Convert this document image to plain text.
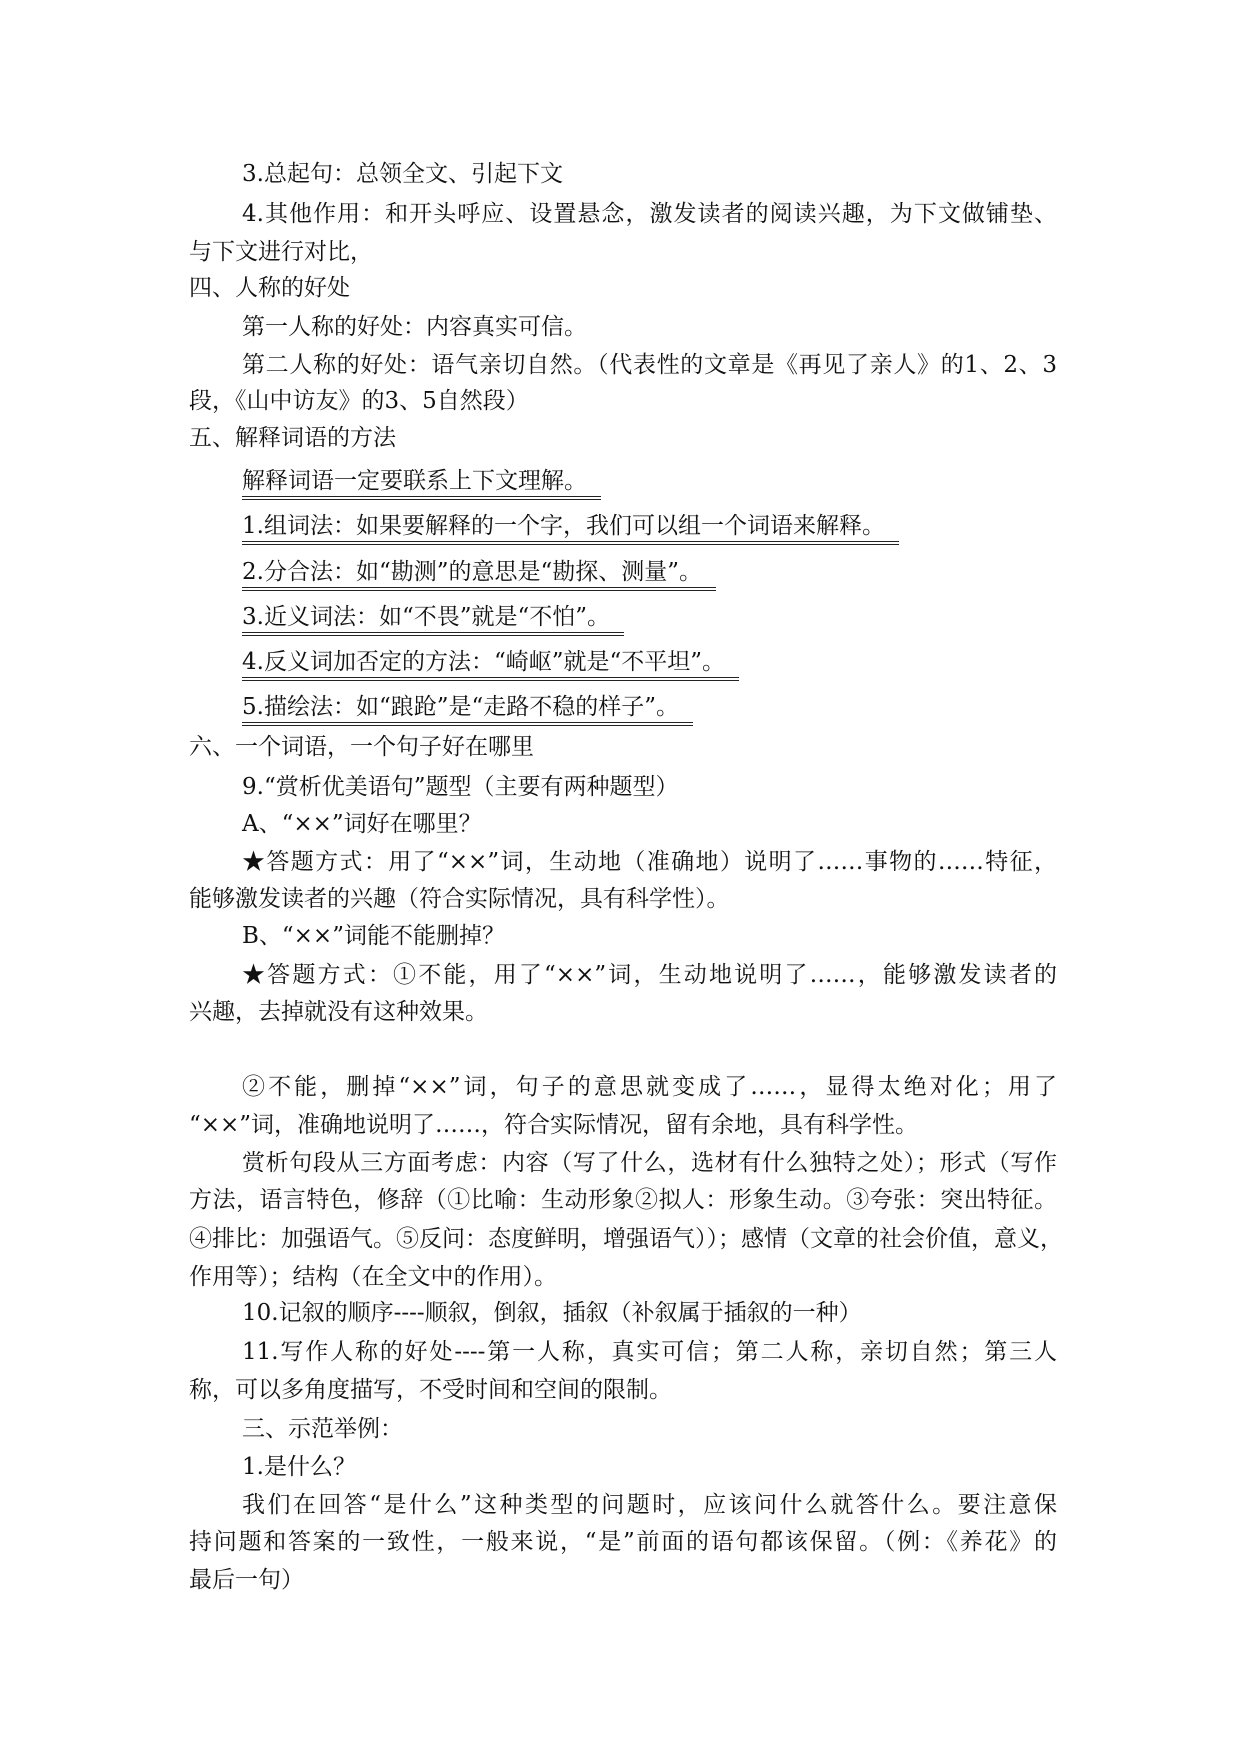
3.总起句：总领全文、引起下文
4.其他作用：和开头呼应、设置悬念，激发读者的阅读兴趣，为下文做铺垫、
与下文进行对比，
四、人称的好处
第一人称的好处：内容真实可信。
第二人称的好处：语气亲切自然。（代表性的文章是《再见了亲人》的1、2、3
段，《山中访友》的3、5自然段）
五、解释词语的方法
解释词语一定要联系上下文理解。
1.组词法：如果要解释的一个字，我们可以组一个词语来解释。
2.分合法：如“勘测”的意思是“勘探、测量”。
3.近义词法：如“不畏”就是“不怕”。
4.反义词加否定的方法：“崎岖”就是“不平坦”。
5.描绘法：如“踉跄”是“走路不稳的样子”。
六、一个词语，一个句子好在哪里
9.“赏析优美语句”题型（主要有两种题型）
A、“××”词好在哪里？
★答题方式：用了“××”词，生动地（准确地）说明了……事物的……特征，
能够激发读者的兴趣（符合实际情况，具有科学性）。
B、“××”词能不能删掉？
★答题方式：①不能，用了“××”词，生动地说明了……，能够激发读者的
兴趣，去掉就没有这种效果。
②不能，删掉“××”词，句子的意思就变成了……，显得太绝对化；用了
“××”词，准确地说明了……，符合实际情况，留有余地，具有科学性。
赏析句段从三方面考虑：内容（写了什么，选材有什么独特之处）；形式（写作
方法，语言特色，修辞（①比喻：生动形象②拟人：形象生动。③夸张：突出特征。
④排比：加强语气。⑤反问：态度鲜明，增强语气））；感情（文章的社会价值，意义，
作用等）；结构（在全文中的作用）。
10.记叙的顺序----顺叙，倒叙，插叙（补叙属于插叙的一种）
11.写作人称的好处----第一人称，真实可信；第二人称，亲切自然；第三人
称，可以多角度描写，不受时间和空间的限制。
三、示范举例：
1.是什么？
我们在回答“是什么”这种类型的问题时，应该问什么就答什么。要注意保
持问题和答案的一致性，一般来说，“是”前面的语句都该保留。（例：《养花》的
最后一句）
